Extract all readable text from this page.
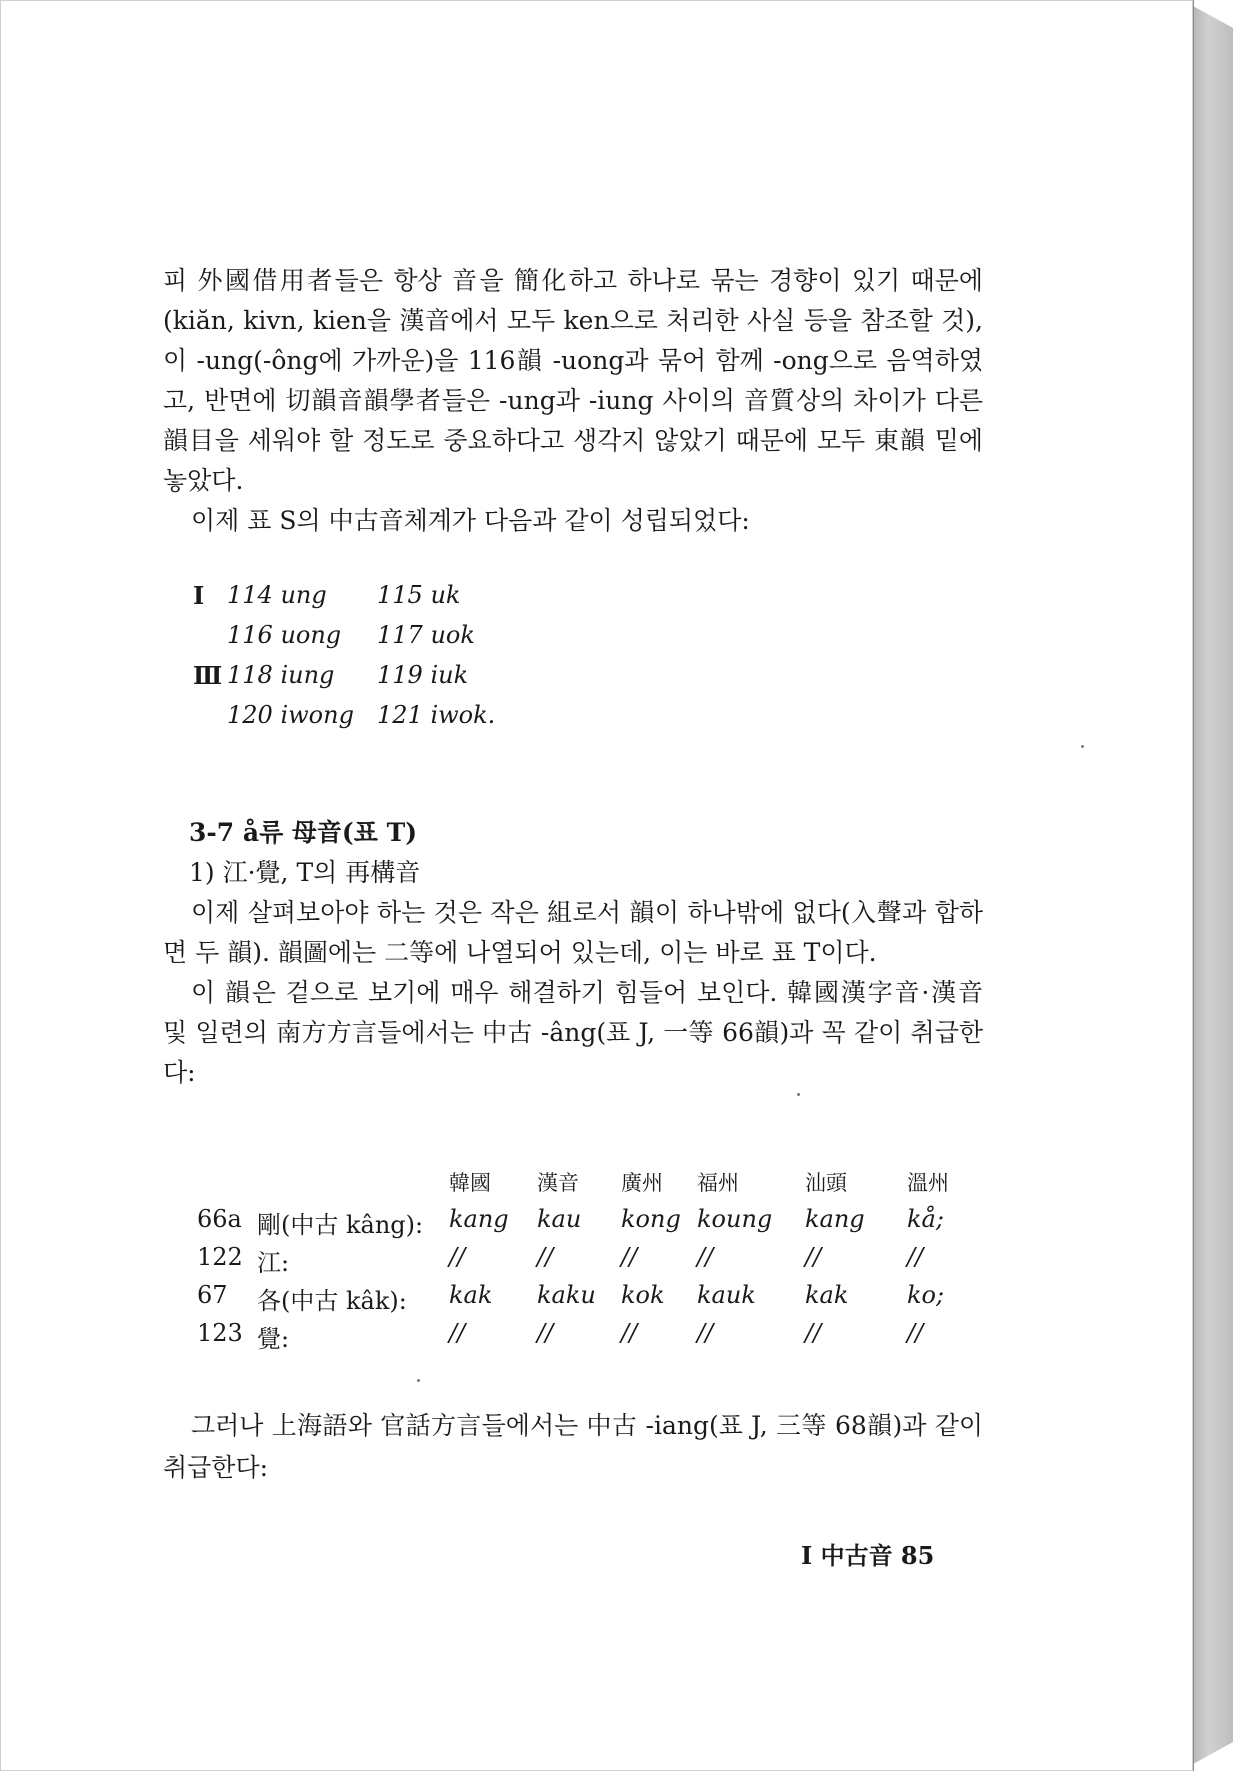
피 外國借用者들은 항상 音을 簡化하고 하나로 묶는 경향이 있기 때문에(kiăn, kivn, kien을 漢音에서 모두 ken으로 처리한 사실 등을 참조할 것), 이 -ung(-ông에 가까운)을 116韻 -uong과 묶어 함께 -ong으로 음역하였고, 반면에 切韻音韻學者들은 -ung과 -iung 사이의 音質상의 차이가 다른 韻目을 세워야 할 정도로 중요하다고 생각지 않았기 때문에 모두 東韻 밑에 놓았다.

이제 표 S의 中古音체계가 다음과 같이 성립되었다:

I 114 ung	115 uk
116 uong	117 uok
Ⅲ 118 iung	119 iuk
120 iwong 121 iwok.
3-7 å류 母音(표 T)
1) 江·覺, T의 再構音

이제 살펴보아야 하는 것은 작은 組로서 韻이 하나밖에 없다(入聲과 합하면 두 韻). 韻圖에는 二等에 나열되어 있는데, 이는 바로 표 T이다.

이 韻은 겉으로 보기에 매우 해결하기 힘들어 보인다. 韓國漢字音·漢音 및 일련의 南方方言들에서는 中古 -âng(표 J, 一等 66韻)과 꼭 같이 취급한다:

韓國 漢音 廣州 福州	汕頭	溫州
66a 剛(中古 kâng): kang kau kong koung kang kå;
122 江:	//	//	// //	//	//
67 各(中古 kâk): kak kaku kok kauk kak ko;
123 覺:	//	//	// //	//	//

그러나 上海語와 官話方言들에서는 中古 -iang(표 J, 三等 68韻)과 같이 취급한다:

I 中古音 85
